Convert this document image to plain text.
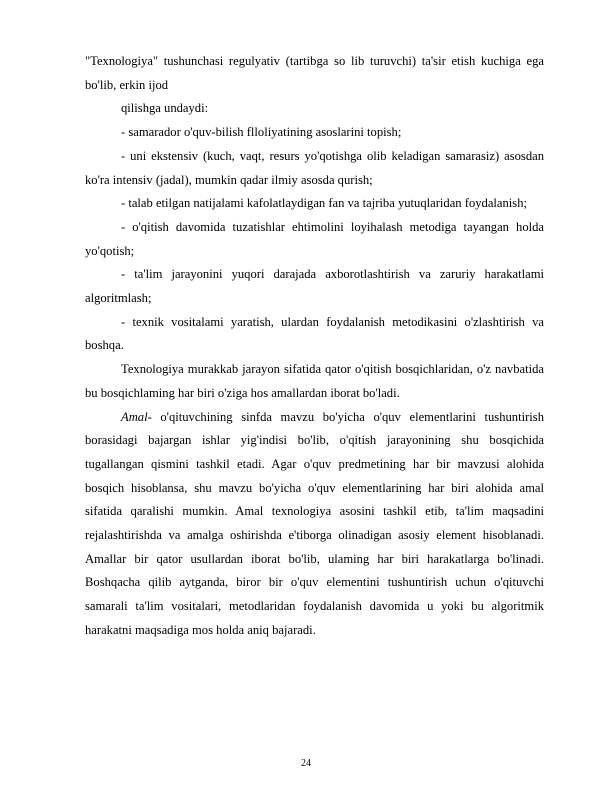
"Texnologiya" tushunchasi regulyativ (tartibga so lib turuvchi) ta'sir etish kuchiga ega bo'lib, erkin ijod

qilishga undaydi:

- samarador o'quv-bilish flloliyatining asoslarini topish;

- uni ekstensiv (kuch, vaqt, resurs yo'qotishga olib keladigan samarasiz) asosdan ko'ra intensiv (jadal), mumkin qadar ilmiy asosda qurish;

- talab etilgan natijalami kafolatlaydigan fan va tajriba yutuqlaridan foydalanish;

- o'qitish davomida tuzatishlar ehtimolini loyihalash metodiga tayangan holda yo'qotish;

- ta'lim jarayonini yuqori darajada axborotlashtirish va zaruriy harakatlami algoritmlash;

- texnik vositalami yaratish, ulardan foydalanish metodikasini o'zlashtirish va boshqa.

Texnologiya murakkab jarayon sifatida qator o'qitish bosqichlaridan, o'z navbatida bu bosqichlaming har biri o'ziga hos amallardan iborat bo'ladi.

Amal- o'qituvchining sinfda mavzu bo'yicha o'quv elementlarini tushuntirish borasidagi bajargan ishlar yig'indisi bo'lib, o'qitish jarayonining shu bosqichida tugallangan qismini tashkil etadi. Agar o'quv predmetining har bir mavzusi alohida bosqich hisoblansa, shu mavzu bo'yicha o'quv elementlarining har biri alohida amal sifatida qaralishi mumkin. Amal texnologiya asosini tashkil etib, ta'lim maqsadini rejalashtirishda va amalga oshirishda e'tiborga olinadigan asosiy element hisoblanadi. Amallar bir qator usullardan iborat bo'lib, ulaming har biri harakatlarga bo'linadi. Boshqacha qilib aytganda, biror bir o'quv elementini tushuntirish uchun o'qituvchi samarali ta'lim vositalari, metodlaridan foydalanish davomida u yoki bu algoritmik harakatni maqsadiga mos holda aniq bajaradi.

24
